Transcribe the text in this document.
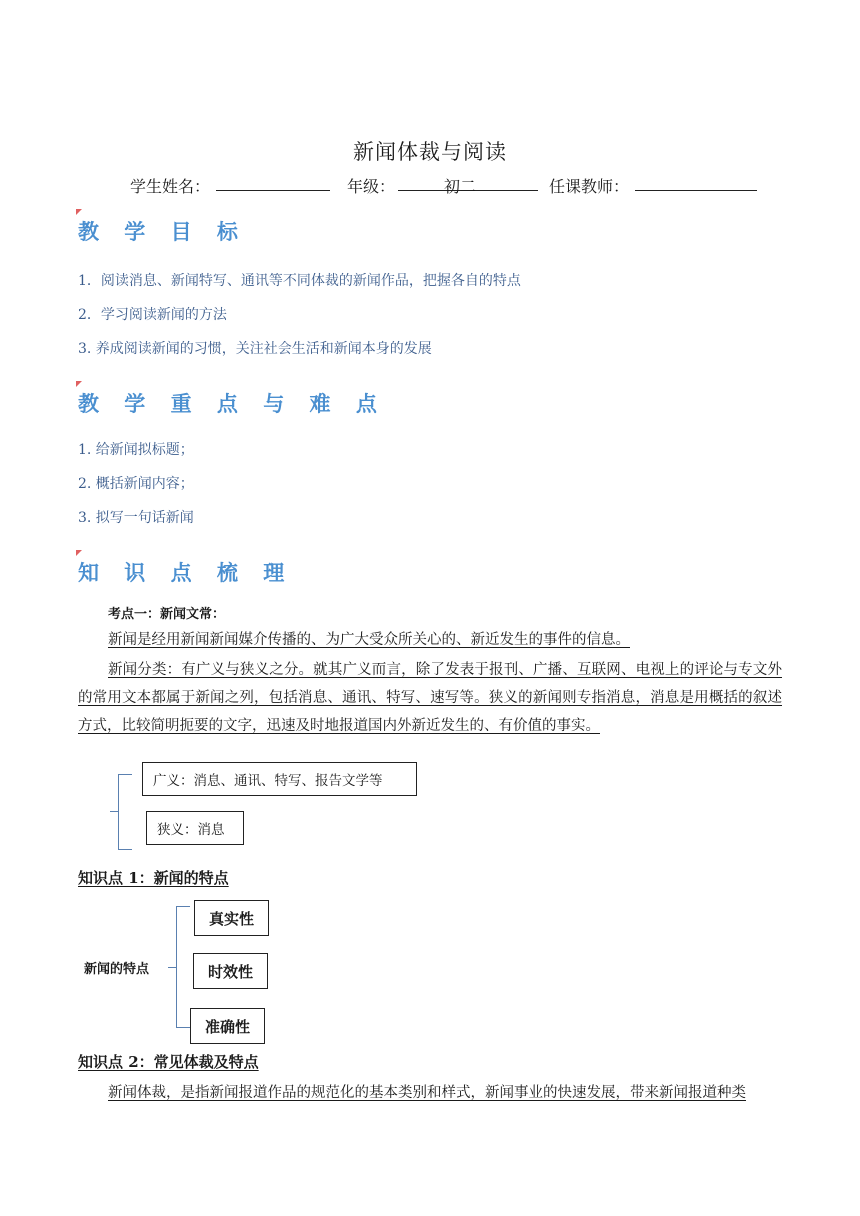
新闻体裁与阅读
学生姓名：	年级：	初二	任课教师：
教 学 目 标
1．阅读消息、新闻特写、通讯等不同体裁的新闻作品，把握各自的特点
2．学习阅读新闻的方法
3. 养成阅读新闻的习惯，关注社会生活和新闻本身的发展
教 学 重 点 与 难 点
1. 给新闻拟标题；
2. 概括新闻内容；
3. 拟写一句话新闻
知 识 点 梳 理
考点一：新闻文常：
新闻是经用新闻新闻媒介传播的、为广大受众所关心的、新近发生的事件的信息。
新闻分类：有广义与狭义之分。就其广义而言，除了发表于报刊、广播、互联网、电视上的评论与专文外的常用文本都属于新闻之列，包括消息、通讯、特写、速写等。狭义的新闻则专指消息，消息是用概括的叙述方式，比较简明扼要的文字，迅速及时地报道国内外新近发生的、有价值的事实。
广义：消息、通讯、特写、报告文学等
狭义：消息
知识点 1：新闻的特点
新闻的特点
真实性
时效性
准确性
知识点 2：常见体裁及特点
新闻体裁，是指新闻报道作品的规范化的基本类别和样式，新闻事业的快速发展，带来新闻报道种类
